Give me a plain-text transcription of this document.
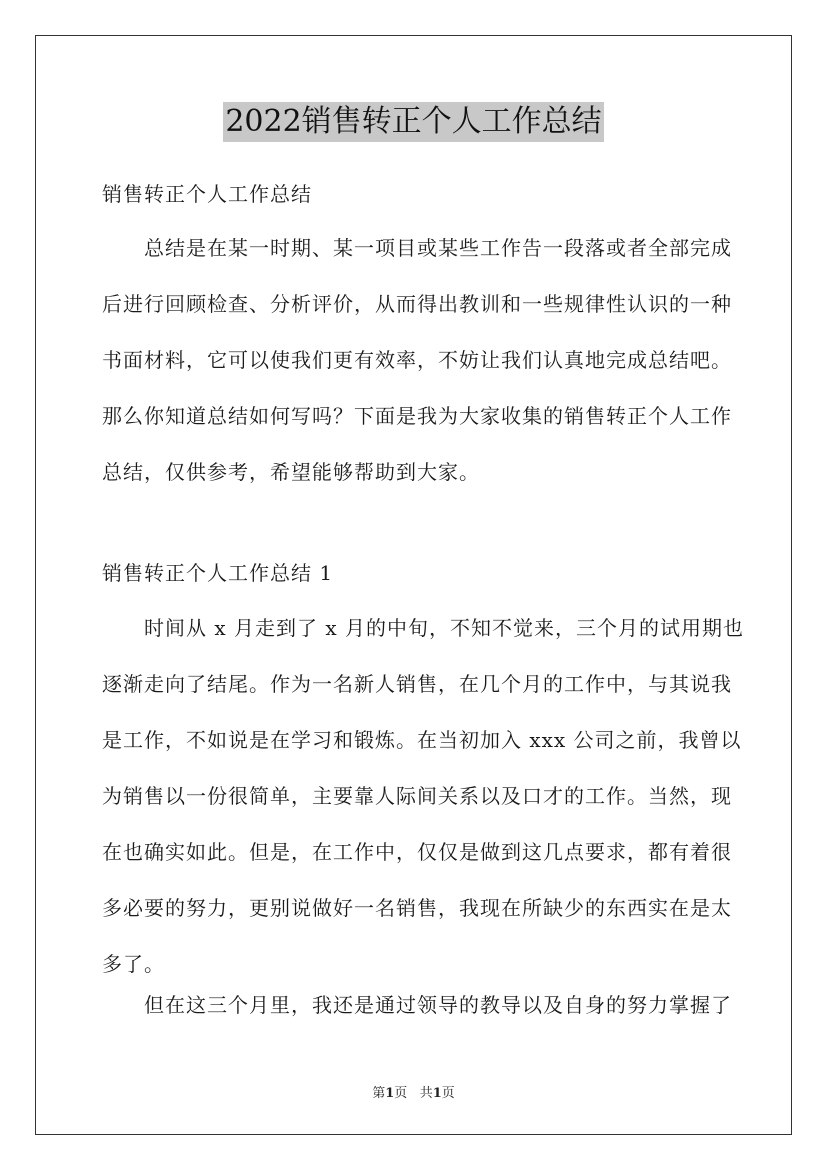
2022销售转正个人工作总结
销售转正个人工作总结
总结是在某一时期、某一项目或某些工作告一段落或者全部完成
后进行回顾检查、分析评价，从而得出教训和一些规律性认识的一种
书面材料，它可以使我们更有效率，不妨让我们认真地完成总结吧。
那么你知道总结如何写吗？下面是我为大家收集的销售转正个人工作
总结，仅供参考，希望能够帮助到大家。
销售转正个人工作总结 1
时间从 x 月走到了 x 月的中旬，不知不觉来，三个月的试用期也
逐渐走向了结尾。作为一名新人销售，在几个月的工作中，与其说我
是工作，不如说是在学习和锻炼。在当初加入 xxx 公司之前，我曾以
为销售以一份很简单，主要靠人际间关系以及口才的工作。当然，现
在也确实如此。但是，在工作中，仅仅是做到这几点要求，都有着很
多必要的努力，更别说做好一名销售，我现在所缺少的东西实在是太
多了。
但在这三个月里，我还是通过领导的教导以及自身的努力掌握了
第1页 共1页
